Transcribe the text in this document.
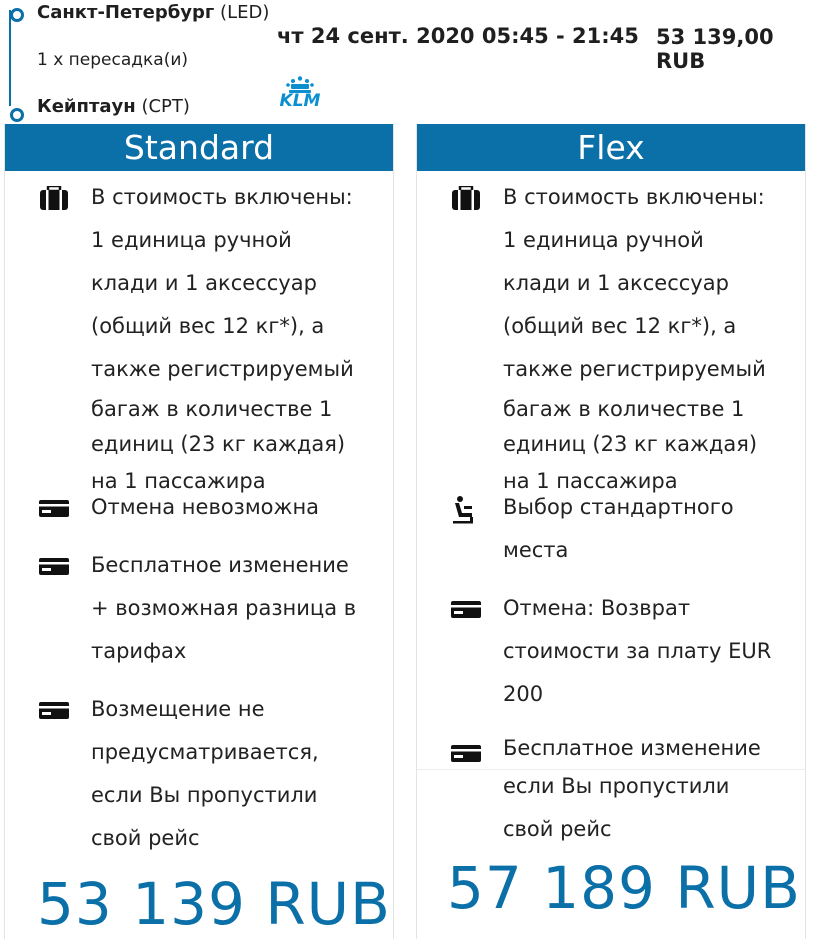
Санкт-Петербург (LED)
1 х пересадка(и)
Кейптаун (CPT)
чт 24 сент. 2020 05:45 - 21:45 53 139,00 RUB
KLM
Standard
В стоимость включены:
1 единица ручной
клади и 1 аксессуар
(общий вес 12 кг*), а
также регистрируемый
багаж в количестве 1
единиц (23 кг каждая)
на 1 пассажира
Отмена невозможна
Бесплатное изменение
+ возможная разница в
тарифах
Возмещение не
предусматривается,
если Вы пропустили
свой рейс
53 139 RUB
Flex
В стоимость включены:
1 единица ручной
клади и 1 аксессуар
(общий вес 12 кг*), а
также регистрируемый
багаж в количестве 1
единиц (23 кг каждая)
на 1 пассажира
Выбор стандартного
места
Отмена: Возврат
стоимости за плату EUR
200
Бесплатное изменение
если Вы пропустили
свой рейс
57 189 RUB
